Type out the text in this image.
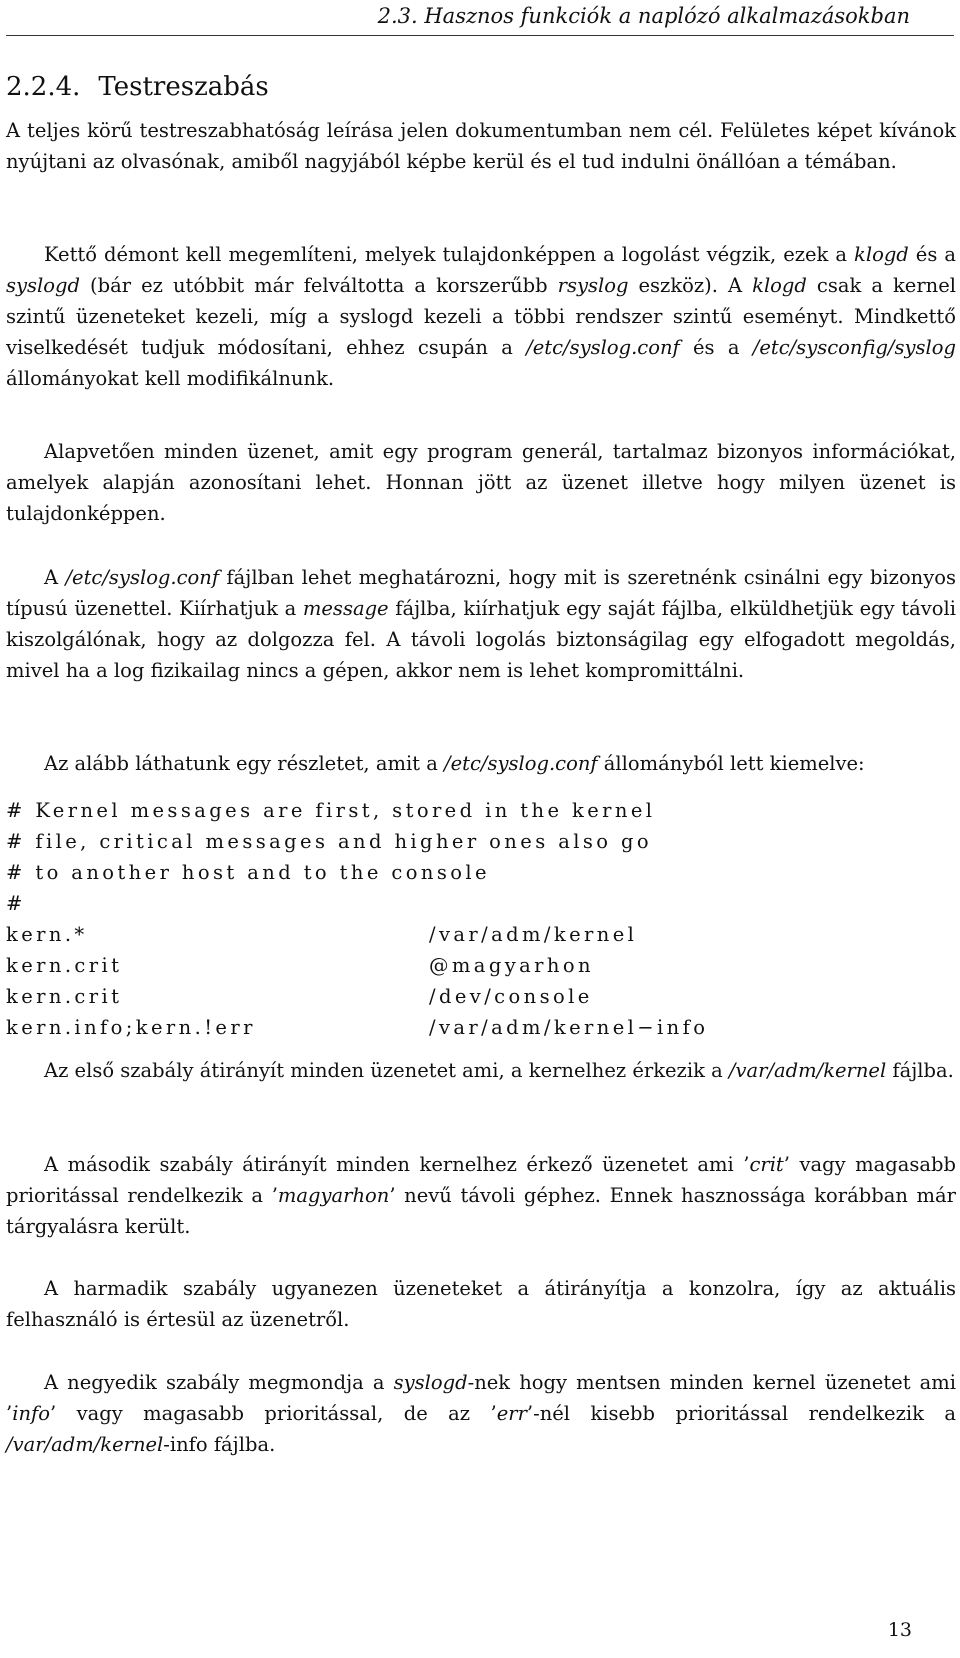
2.3. Hasznos funkciók a naplózó alkalmazásokban
2.2.4. Testreszabás

A teljes körű testreszabhatóság leírása jelen dokumentumban nem cél. Felületes képet kívánok nyújtani az olvasónak, amiből nagyjából képbe kerül és el tud indulni önállóan a témában.

Kettő démont kell megemlíteni, melyek tulajdonképpen a logolást végzik, ezek a klogd és a syslogd (bár ez utóbbit már felváltotta a korszerűbb rsyslog eszköz). A klogd csak a kernel szintű üzeneteket kezeli, míg a syslogd kezeli a többi rendszer szintű eseményt. Mindkettő viselkedését tudjuk módosítani, ehhez csupán a /etc/syslog.conf és a /etc/sysconfig/syslog állományokat kell modifikálnunk.

Alapvetően minden üzenet, amit egy program generál, tartalmaz bizonyos információkat, amelyek alapján azonosítani lehet. Honnan jött az üzenet illetve hogy milyen üzenet is tulajdonképpen.

A /etc/syslog.conf fájlban lehet meghatározni, hogy mit is szeretnénk csinálni egy bizonyos típusú üzenettel. Kiírhatjuk a message fájlba, kiírhatjuk egy saját fájlba, elküldhetjük egy távoli kiszolgálónak, hogy az dolgozza fel. A távoli logolás biztonságilag egy elfogadott megoldás, mivel ha a log fizikailag nincs a gépen, akkor nem is lehet kompromittálni.

Az alább láthatunk egy részletet, amit a /etc/syslog.conf állományból lett kiemelve:

# Kernel messages are first, stored in the kernel
# file, critical messages and higher ones also go
# to another host and to the console
#
kern.*	/var/adm/kernel
kern.crit	@magyarhon
kern.crit	/dev/console
kern.info;kern.!err	/var/adm/kernel−info

Az első szabály átirányít minden üzenetet ami, a kernelhez érkezik a /var/adm/kernel fájlba.

A második szabály átirányít minden kernelhez érkező üzenetet ami ’crit’ vagy magasabb prioritással rendelkezik a ’magyarhon’ nevű távoli géphez. Ennek hasznossága korábban már tárgyalásra került.

A harmadik szabály ugyanezen üzeneteket a átirányítja a konzolra, így az aktuális felhasználó is értesül az üzenetről.

A negyedik szabály megmondja a syslogd-nek hogy mentsen minden kernel üzenetet ami ’info’ vagy magasabb prioritással, de az ’err’-nél kisebb prioritással rendelkezik a /var/adm/kernel-info fájlba.

13
